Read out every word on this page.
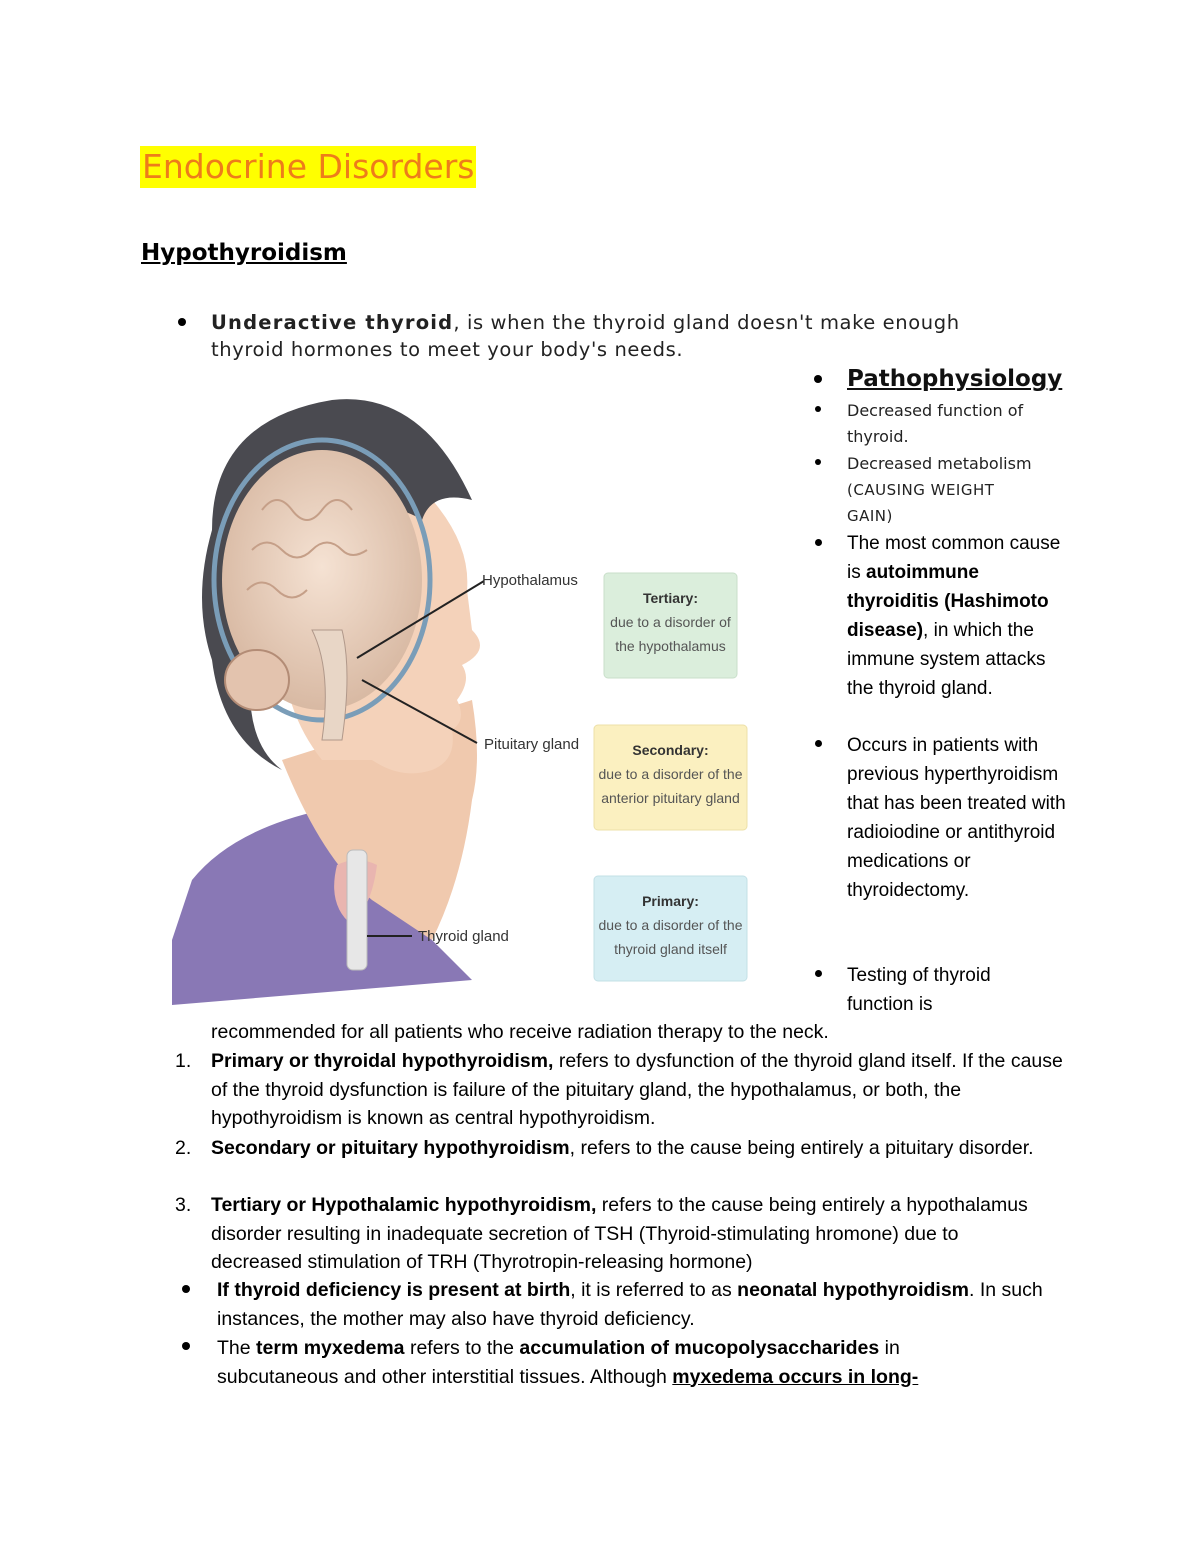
Endocrine Disorders
Hypothyroidism
Underactive thyroid, is when the thyroid gland doesn't make enough thyroid hormones to meet your body's needs.
Hypothalamus
Pituitary gland
Thyroid gland
Tertiary:
due to a disorder of
the hypothalamus
Secondary:
due to a disorder of the
anterior pituitary gland
Primary:
due to a disorder of the
thyroid gland itself
Pathophysiology
Decreased function of thyroid.
Decreased metabolism
(CAUSING WEIGHT GAIN)
The most common cause is autoimmune thyroiditis (Hashimoto disease), in which the immune system attacks the thyroid gland.
Occurs in patients with previous hyperthyroidism that has been treated with radioiodine or antithyroid medications or thyroidectomy.
Testing of thyroid function is
recommended for all patients who receive radiation therapy to the neck.
1. Primary or thyroidal hypothyroidism, refers to dysfunction of the thyroid gland itself. If the cause of the thyroid dysfunction is failure of the pituitary gland, the hypothalamus, or both, the hypothyroidism is known as central hypothyroidism.
2. Secondary or pituitary hypothyroidism, refers to the cause being entirely a pituitary disorder.
3. Tertiary or Hypothalamic hypothyroidism, refers to the cause being entirely a hypothalamus disorder resulting in inadequate secretion of TSH (Thyroid-stimulating hromone) due to decreased stimulation of TRH (Thyrotropin-releasing hormone)
If thyroid deficiency is present at birth, it is referred to as neonatal hypothyroidism. In such instances, the mother may also have thyroid deficiency.
The term myxedema refers to the accumulation of mucopolysaccharides in subcutaneous and other interstitial tissues. Although myxedema occurs in long-
